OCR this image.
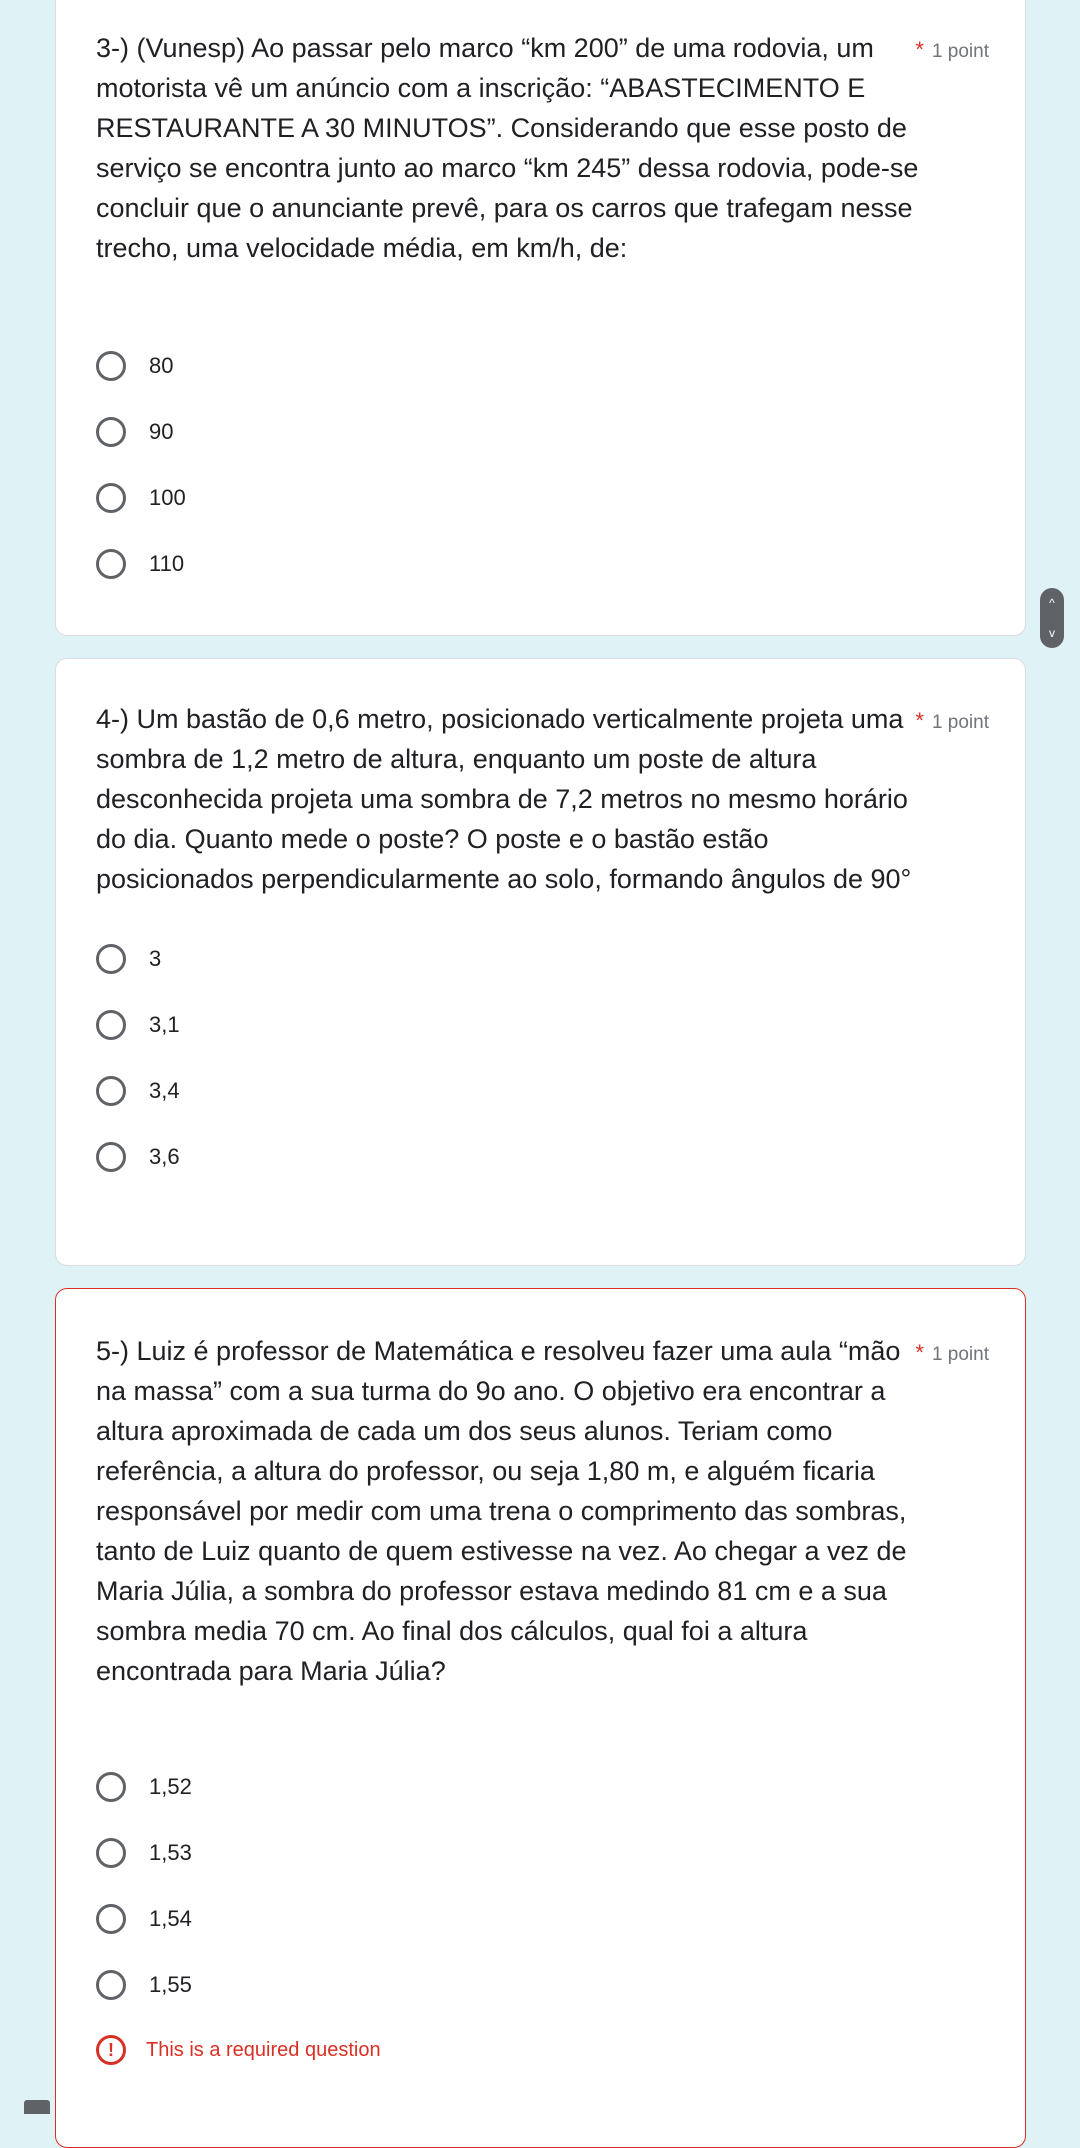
3-) (Vunesp) Ao passar pelo marco “km 200” de uma rodovia, um motorista vê um anúncio com a inscrição: “ABASTECIMENTO E RESTAURANTE A 30 MINUTOS”. Considerando que esse posto de serviço se encontra junto ao marco “km 245” dessa rodovia, pode-se concluir que o anunciante prevê, para os carros que trafegam nesse trecho, uma velocidade média, em km/h, de:

* 1 point
80
90
100
110
^
v

4-) Um bastão de 0,6 metro, posicionado verticalmente projeta uma sombra de 1,2 metro de altura, enquanto um poste de altura desconhecida projeta uma sombra de 7,2 metros no mesmo horário do dia. Quanto mede o poste? O poste e o bastão estão posicionados perpendicularmente ao solo, formando ângulos de 90°

* 1 point
3
3,1
3,4
3,6

5-) Luiz é professor de Matemática e resolveu fazer uma aula “mão na massa” com a sua turma do 9o ano. O objetivo era encontrar a altura aproximada de cada um dos seus alunos. Teriam como referência, a altura do professor, ou seja 1,80 m, e alguém ficaria responsável por medir com uma trena o comprimento das sombras, tanto de Luiz quanto de quem estivesse na vez. Ao chegar a vez de Maria Júlia, a sombra do professor estava medindo 81 cm e a sua sombra media 70 cm. Ao final dos cálculos, qual foi a altura encontrada para Maria Júlia?

* 1 point
1,52
1,53
1,54
1,55
!	This is a required question
